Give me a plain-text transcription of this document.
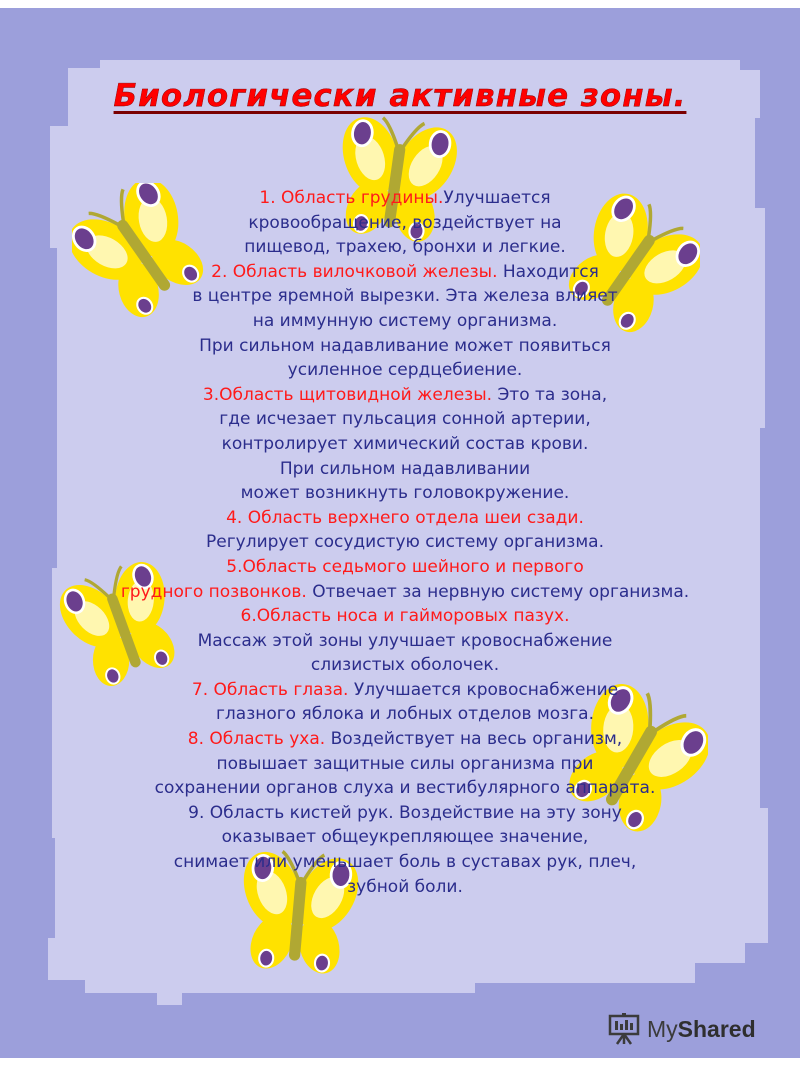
Биологически активные зоны.

1. Область грудины.Улучшается

кровообращение, воздействует на

пищевод, трахею, бронхи и легкие.

2. Область вилочковой железы. Находится

в центре яремной вырезки. Эта железа влияет

на иммунную систему организма.

При сильном надавливание может появиться

усиленное сердцебиение.

3.Область щитовидной железы. Это та зона,

где исчезает пульсация сонной артерии,

контролирует химический состав крови.

При сильном надавливании

может возникнуть головокружение.

4. Область верхнего отдела шеи сзади.

Регулирует сосудистую систему организма.

5.Область седьмого шейного и первого

грудного позвонков. Отвечает за нервную систему организма.

6.Область носа и гайморовых пазух.

Массаж этой зоны улучшает кровоснабжение

слизистых оболочек.

7. Область глаза. Улучшается кровоснабжение

глазного яблока и лобных отделов мозга.

8. Область уха. Воздействует на весь организм,

повышает защитные силы организма при

сохранении органов слуха и вестибулярного аппарата.

9. Область кистей рук. Воздействие на эту зону

оказывает общеукрепляющее значение,

снимает или уменьшает боль в суставах рук, плеч,

зубной боли.

MyShared
